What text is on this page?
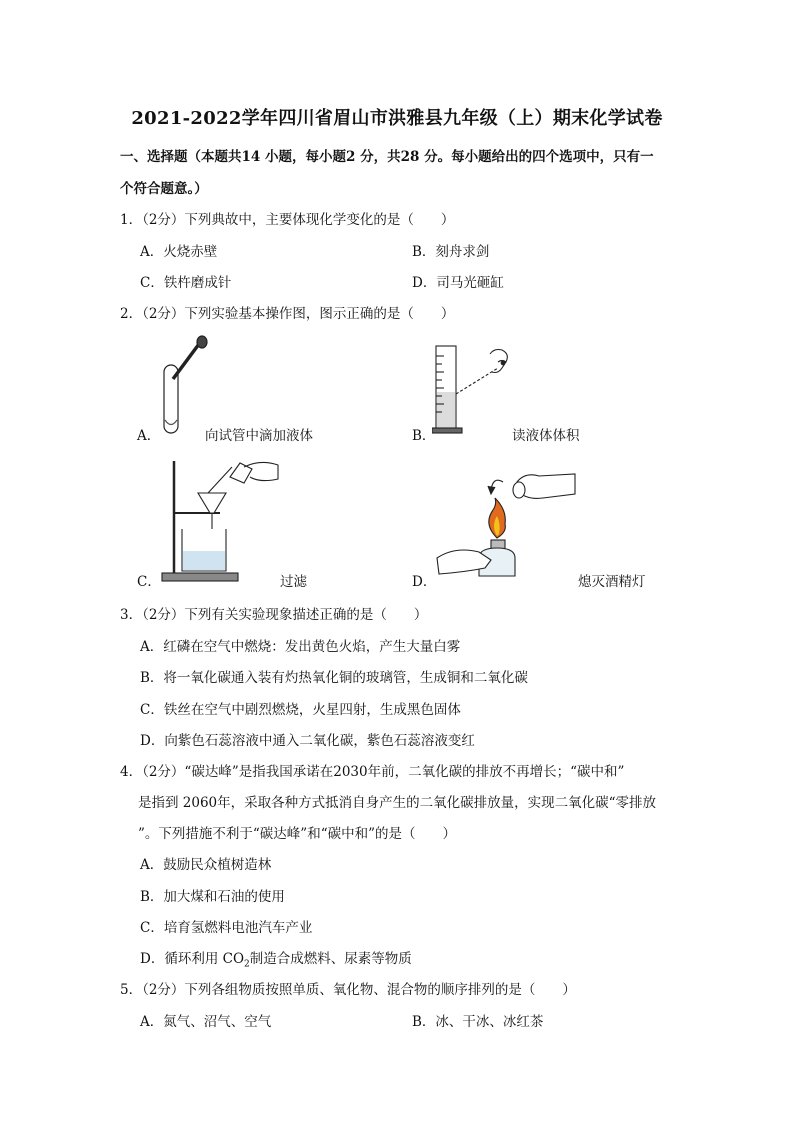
2021-2022学年四川省眉山市洪雅县九年级（上）期末化学试卷
一、选择题（本题共14 小题，每小题2 分，共28 分。每小题给出的四个选项中，只有一
个符合题意。）
1．（2分）下列典故中，主要体现化学变化的是（　　）
A．火烧赤壁	B．刻舟求剑
C．铁杵磨成针	D．司马光砸缸
2．（2分）下列实验基本操作图，图示正确的是（　　）
A．	向试管中滴加液体	B．	读液体体积
C．	过滤	D．	熄灭酒精灯
3．（2分）下列有关实验现象描述正确的是（　　）
A．红磷在空气中燃烧：发出黄色火焰，产生大量白雾
B．将一氧化碳通入装有灼热氧化铜的玻璃管，生成铜和二氧化碳
C．铁丝在空气中剧烈燃烧，火星四射，生成黑色固体
D．向紫色石蕊溶液中通入二氧化碳，紫色石蕊溶液变红
4．（2分）“碳达峰”是指我国承诺在2030年前，二氧化碳的排放不再增长；“碳中和”
是指到 2060年，采取各种方式抵消自身产生的二氧化碳排放量，实现二氧化碳“零排放
”。下列措施不利于“碳达峰”和“碳中和”的是（　　）
A．鼓励民众植树造林
B．加大煤和石油的使用
C．培育氢燃料电池汽车产业
D．循环利用 $CO_2$制造合成燃料、尿素等物质
5．（2分）下列各组物质按照单质、氧化物、混合物的顺序排列的是（　　）
A．氮气、沼气、空气	B．冰、干冰、冰红茶
